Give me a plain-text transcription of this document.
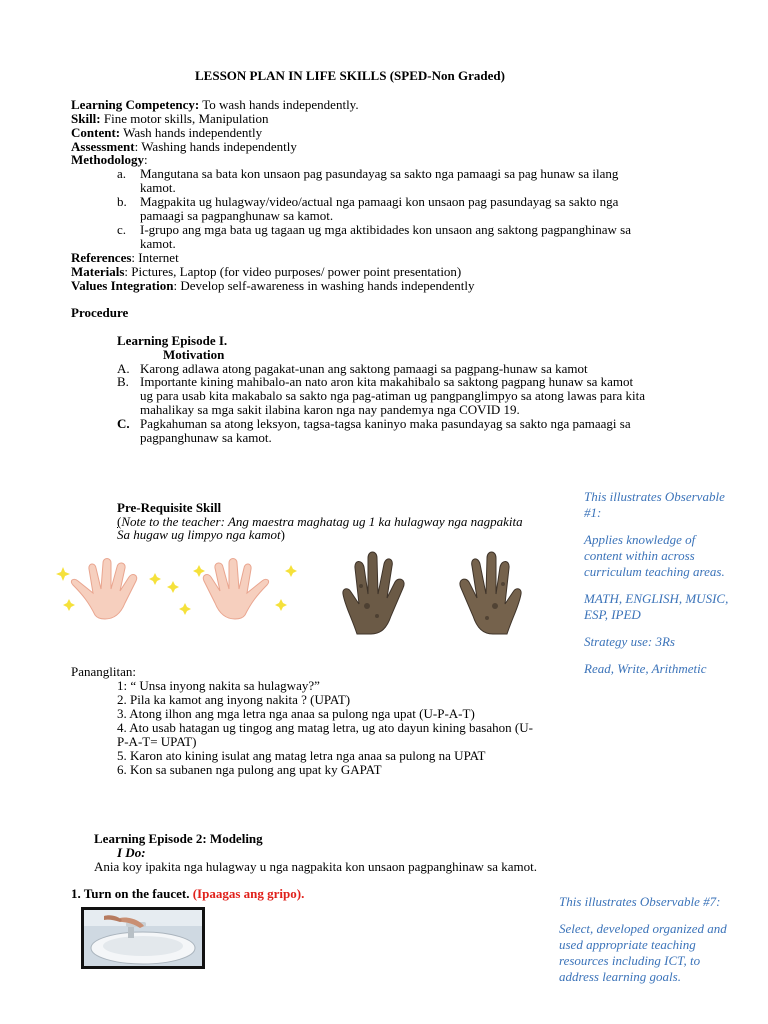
LESSON PLAN IN LIFE SKILLS (SPED-Non Graded)
Learning Competency: To wash hands independently.
Skill: Fine motor skills, Manipulation
Content: Wash hands independently
Assessment: Washing hands independently
Methodology:
a. Mangutana sa bata kon unsaon pag pasundayag sa sakto nga pamaagi sa pag hunaw sa ilang
kamot.
b. Magpakita ug hulagway/video/actual nga pamaagi kon unsaon pag pasundayag sa sakto nga
pamaagi sa pagpanghunaw sa kamot.
c. I-grupo ang mga bata ug tagaan ug mga aktibidades kon unsaon ang saktong pagpanghinaw sa
kamot.
References: Internet
Materials: Pictures, Laptop (for video purposes/ power point presentation)
Values Integration: Develop self-awareness in washing hands independently
Procedure
Learning Episode I.
Motivation
A. Karong adlawa atong pagakat-unan ang saktong pamaagi sa pagpang-hunaw sa kamot
B. Importante kining mahibalo-an nato aron kita makahibalo sa saktong pagpang hunaw sa kamot
ug para usab kita makabalo sa sakto nga pag-atiman ug pangpanglimpyo sa atong lawas para kita
mahalikay sa mga sakit ilabina karon nga nay pandemya nga COVID 19.
C. Pagkahuman sa atong leksyon, tagsa-tagsa kaninyo maka pasundayag sa sakto nga pamaagi sa
pagpanghunaw sa kamot.
Pre-Requisite Skill
(Note to the teacher: Ang maestra maghatag ug 1 ka hulagway nga nagpakita
Sa hugaw ug limpyo nga kamot)
This illustrates Observable #1:
Applies knowledge of content within across curriculum teaching areas.
MATH, ENGLISH, MUSIC, ESP, IPED
Strategy use: 3Rs
Read, Write, Arithmetic
Pananglitan:
1: “ Unsa inyong nakita sa hulagway?”
2. Pila ka kamot ang inyong nakita ? (UPAT)
3. Atong ilhon ang mga letra nga anaa sa pulong nga upat (U-P-A-T)
4. Ato usab hatagan ug tingog ang matag letra, ug ato dayun kining basahon (U-
P-A-T= UPAT)
5. Karon ato kining isulat ang matag letra nga anaa sa pulong na UPAT
6. Kon sa subanen nga pulong ang upat ky GAPAT
Learning Episode 2: Modeling
I Do:
Ania koy ipakita nga hulagway u nga nagpakita kon unsaon pagpanghinaw sa kamot.
1. Turn on the faucet. (Ipaagas ang gripo).
This illustrates Observable #7:
Select, developed organized and used appropriate teaching resources including ICT, to address learning goals.
